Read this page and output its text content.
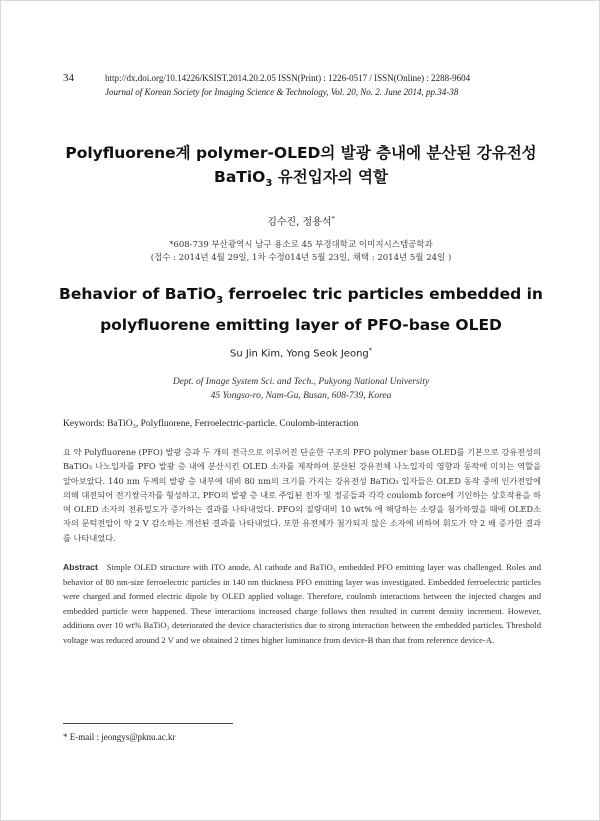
34	http://dx.doi.org/10.14226/KSIST.2014.20.2.05 ISSN(Print) : 1226-0517 / ISSN(Online) : 2288-9604
Journal of Korean Society for Imaging Science & Technology, Vol. 20, No. 2. June 2014, pp.34-38
Polyfluorene계 polymer-OLED의 발광 층내에 분산된 강유전성
BaTiO$_3$ 유전입자의 역할
김수진, 정용석*
*608-739 부산광역시 남구 용소로 45 부경대학교 이미지시스템공학과
(접수 : 2014년 4월 29일, 1차 수정014년 5월 23일, 채택 : 2014년 5월 24일 )
Behavior of BaTiO$_3$ ferroelec tric particles embedded in
polyfluorene emitting layer of PFO-base OLED
Su Jin Kim, Yong Seok Jeong*
Dept. of Image System Sci. and Tech., Pukyong National University
45 Yongso-ro, Nam-Gu, Busan, 608-739, Korea
Keywords: BaTiO₃, Polyfluorene, Ferroelectric-particle. Coulomb-interaction
요 약 Polyfluorene (PFO) 발광 층과 두 개의 전극으로 이루어진 단순한 구조의 PFO polymer base OLED를 기본으로 강유전성의 BaTiO₃ 나노입자를 PFO 발광 층 내에 분산시킨 OLED 소자를 제작하여 분산된 강유전체 나노입자의 영향과 동작에 미치는 역할을 알아보았다. 140 nm 두께의 발광 층 내부에 대비 80 nm의 크기를 가지는 강유전성 BaTiO₃ 입자들은 OLED 동작 중에 인가전압에 의해 대전되어 전기쌍극자를 형성하고, PFO의 발광 층 내로 주입된 전자 및 정공들과 각각 coulomb force에 기인하는 상호작용을 하여 OLED 소자의 전류밀도가 증가하는 결과를 나타내었다. PFO의 질량대비 10 wt% 에 해당하는 소량을 첨가하였을 때에 OLED소자의 문턱전압이 약 2 V 감소하는 개선된 결과를 나타내었다. 또한 유전체가 첨가되지 않은 소자에 비하여 휘도가 약 2 배 증가한 결과를 나타내었다.
Abstract Simple OLED structure with ITO anode, Al cathode and BaTiO₃ embedded PFO emitting layer was challenged. Roles and behavior of 80 nm-size ferroelectric particles in 140 nm thickness PFO emitting layer was investigated. Embedded ferroelectric particles were charged and formed electric dipole by OLED applied voltage. Therefore, coulomb interactions between the injected charges and embedded particle were happened. These interactions increased charge follows then resulted in current density increment. However, additions over 10 wt% BaTiO₃ deteriorated the device characteristics due to strong interaction between the embedded particles. Threshold voltage was reduced around 2 V and we obtained 2 times higher luminance from device-B than that from reference device-A.
* E-mail : jeongys@pknu.ac.kr
